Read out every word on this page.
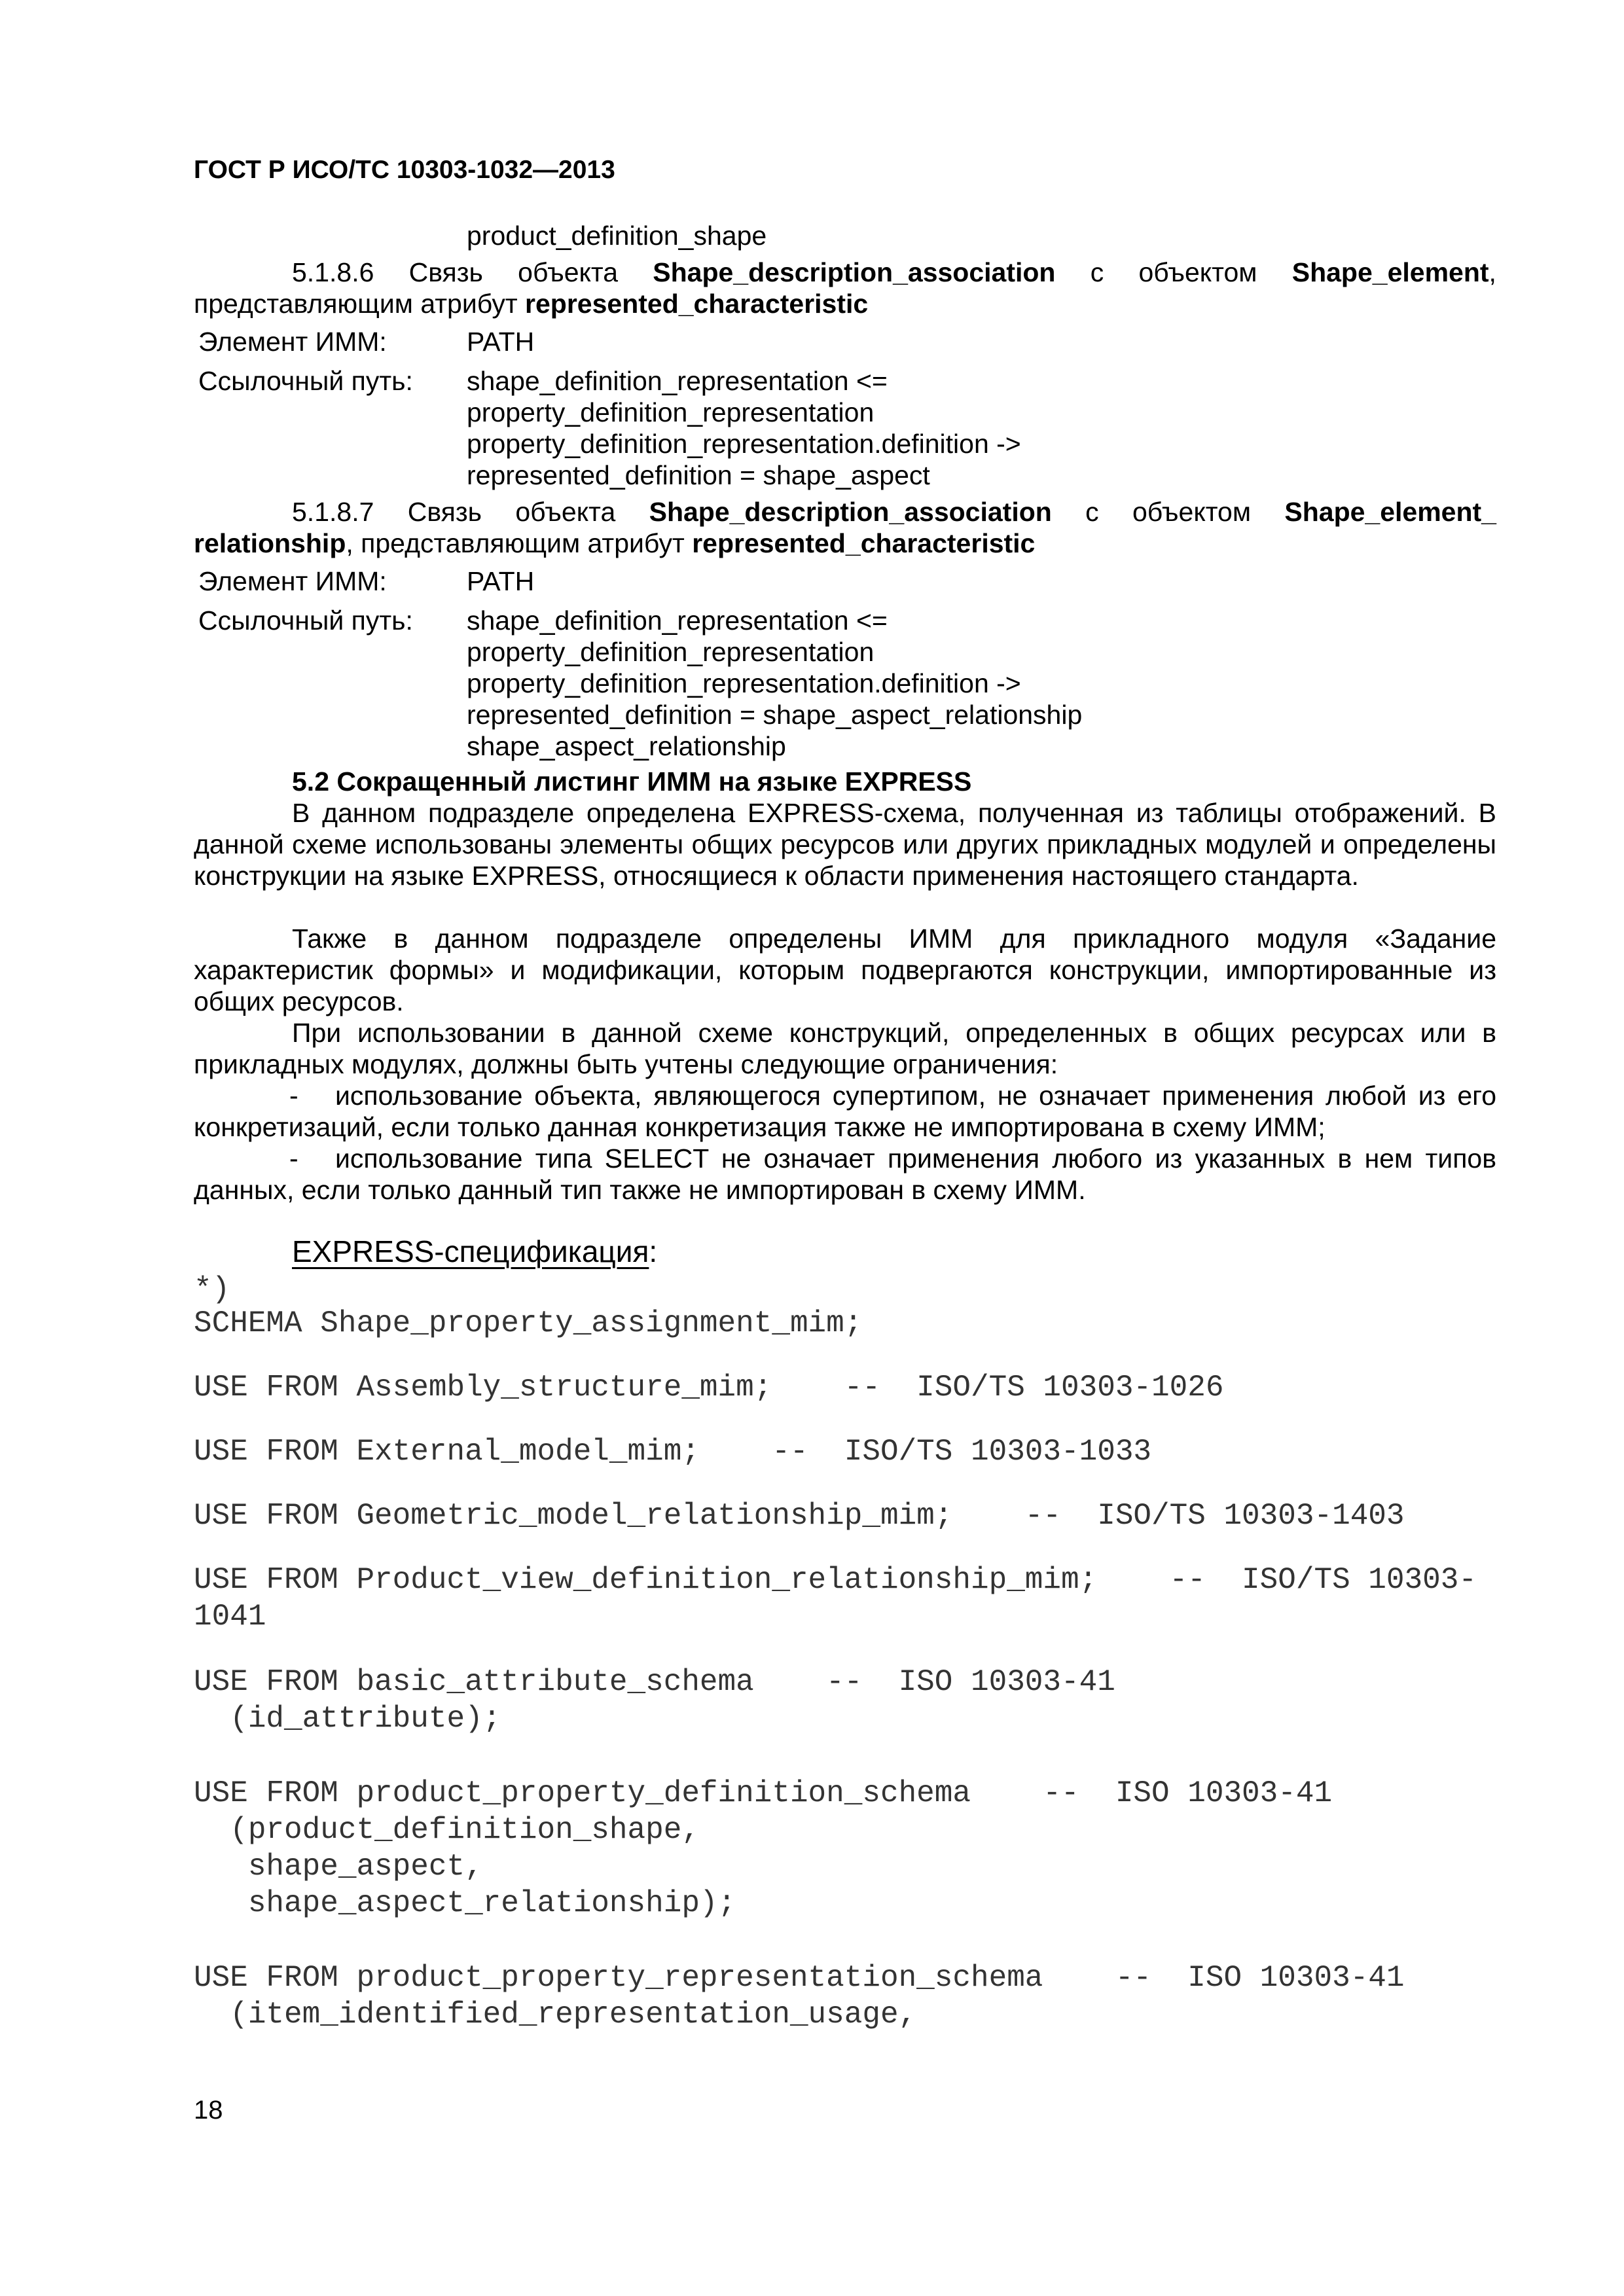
ГОСТ Р ИСО/ТС 10303-1032—2013
product_definition_shape
5.1.8.6 Связь объекта Shape_description_association с объектом Shape_element,
представляющим атрибут represented_characteristic
Элемент ИММ:	PATH
Ссылочный путь: shape_definition_representation <=
property_definition_representation
property_definition_representation.definition ->
represented_definition = shape_aspect
5.1.8.7 Связь объекта Shape_description_association с объектом Shape_element_
relationship, представляющим атрибут represented_characteristic
Элемент ИММ:	PATH
Ссылочный путь: shape_definition_representation <=
property_definition_representation
property_definition_representation.definition ->
represented_definition = shape_aspect_relationship
shape_aspect_relationship
5.2 Сокращенный листинг ИММ на языке EXPRESS
В данном подразделе определена EXPRESS-схема, полученная из таблицы отображений. В данной схеме использованы элементы общих ресурсов или других прикладных модулей и определены конструкции на языке EXPRESS, относящиеся к области применения настоящего стандарта.
Также в данном подразделе определены ИММ для прикладного модуля «Задание характеристик формы» и модификации, которым подвергаются конструкции, импортированные из общих ресурсов.
При использовании в данной схеме конструкций, определенных в общих ресурсах или в прикладных модулях, должны быть учтены следующие ограничения:
- использование объекта, являющегося супертипом, не означает применения любой из его конкретизаций, если только данная конкретизация также не импортирована в схему ИММ;
- использование типа SELECT не означает применения любого из указанных в нем типов данных, если только данный тип также не импортирован в схему ИММ.
EXPRESS-спецификация:
*)
SCHEMA Shape_property_assignment_mim;
USE FROM Assembly_structure_mim;    --  ISO/TS 10303-1026
USE FROM External_model_mim;    --  ISO/TS 10303-1033
USE FROM Geometric_model_relationship_mim;    --  ISO/TS 10303-1403
USE FROM Product_view_definition_relationship_mim;    --  ISO/TS 10303-
1041
USE FROM basic_attribute_schema    --  ISO 10303-41
(id_attribute);
USE FROM product_property_definition_schema    --  ISO 10303-41
(product_definition_shape,
shape_aspect,
shape_aspect_relationship);
USE FROM product_property_representation_schema    --  ISO 10303-41
(item_identified_representation_usage,
18
